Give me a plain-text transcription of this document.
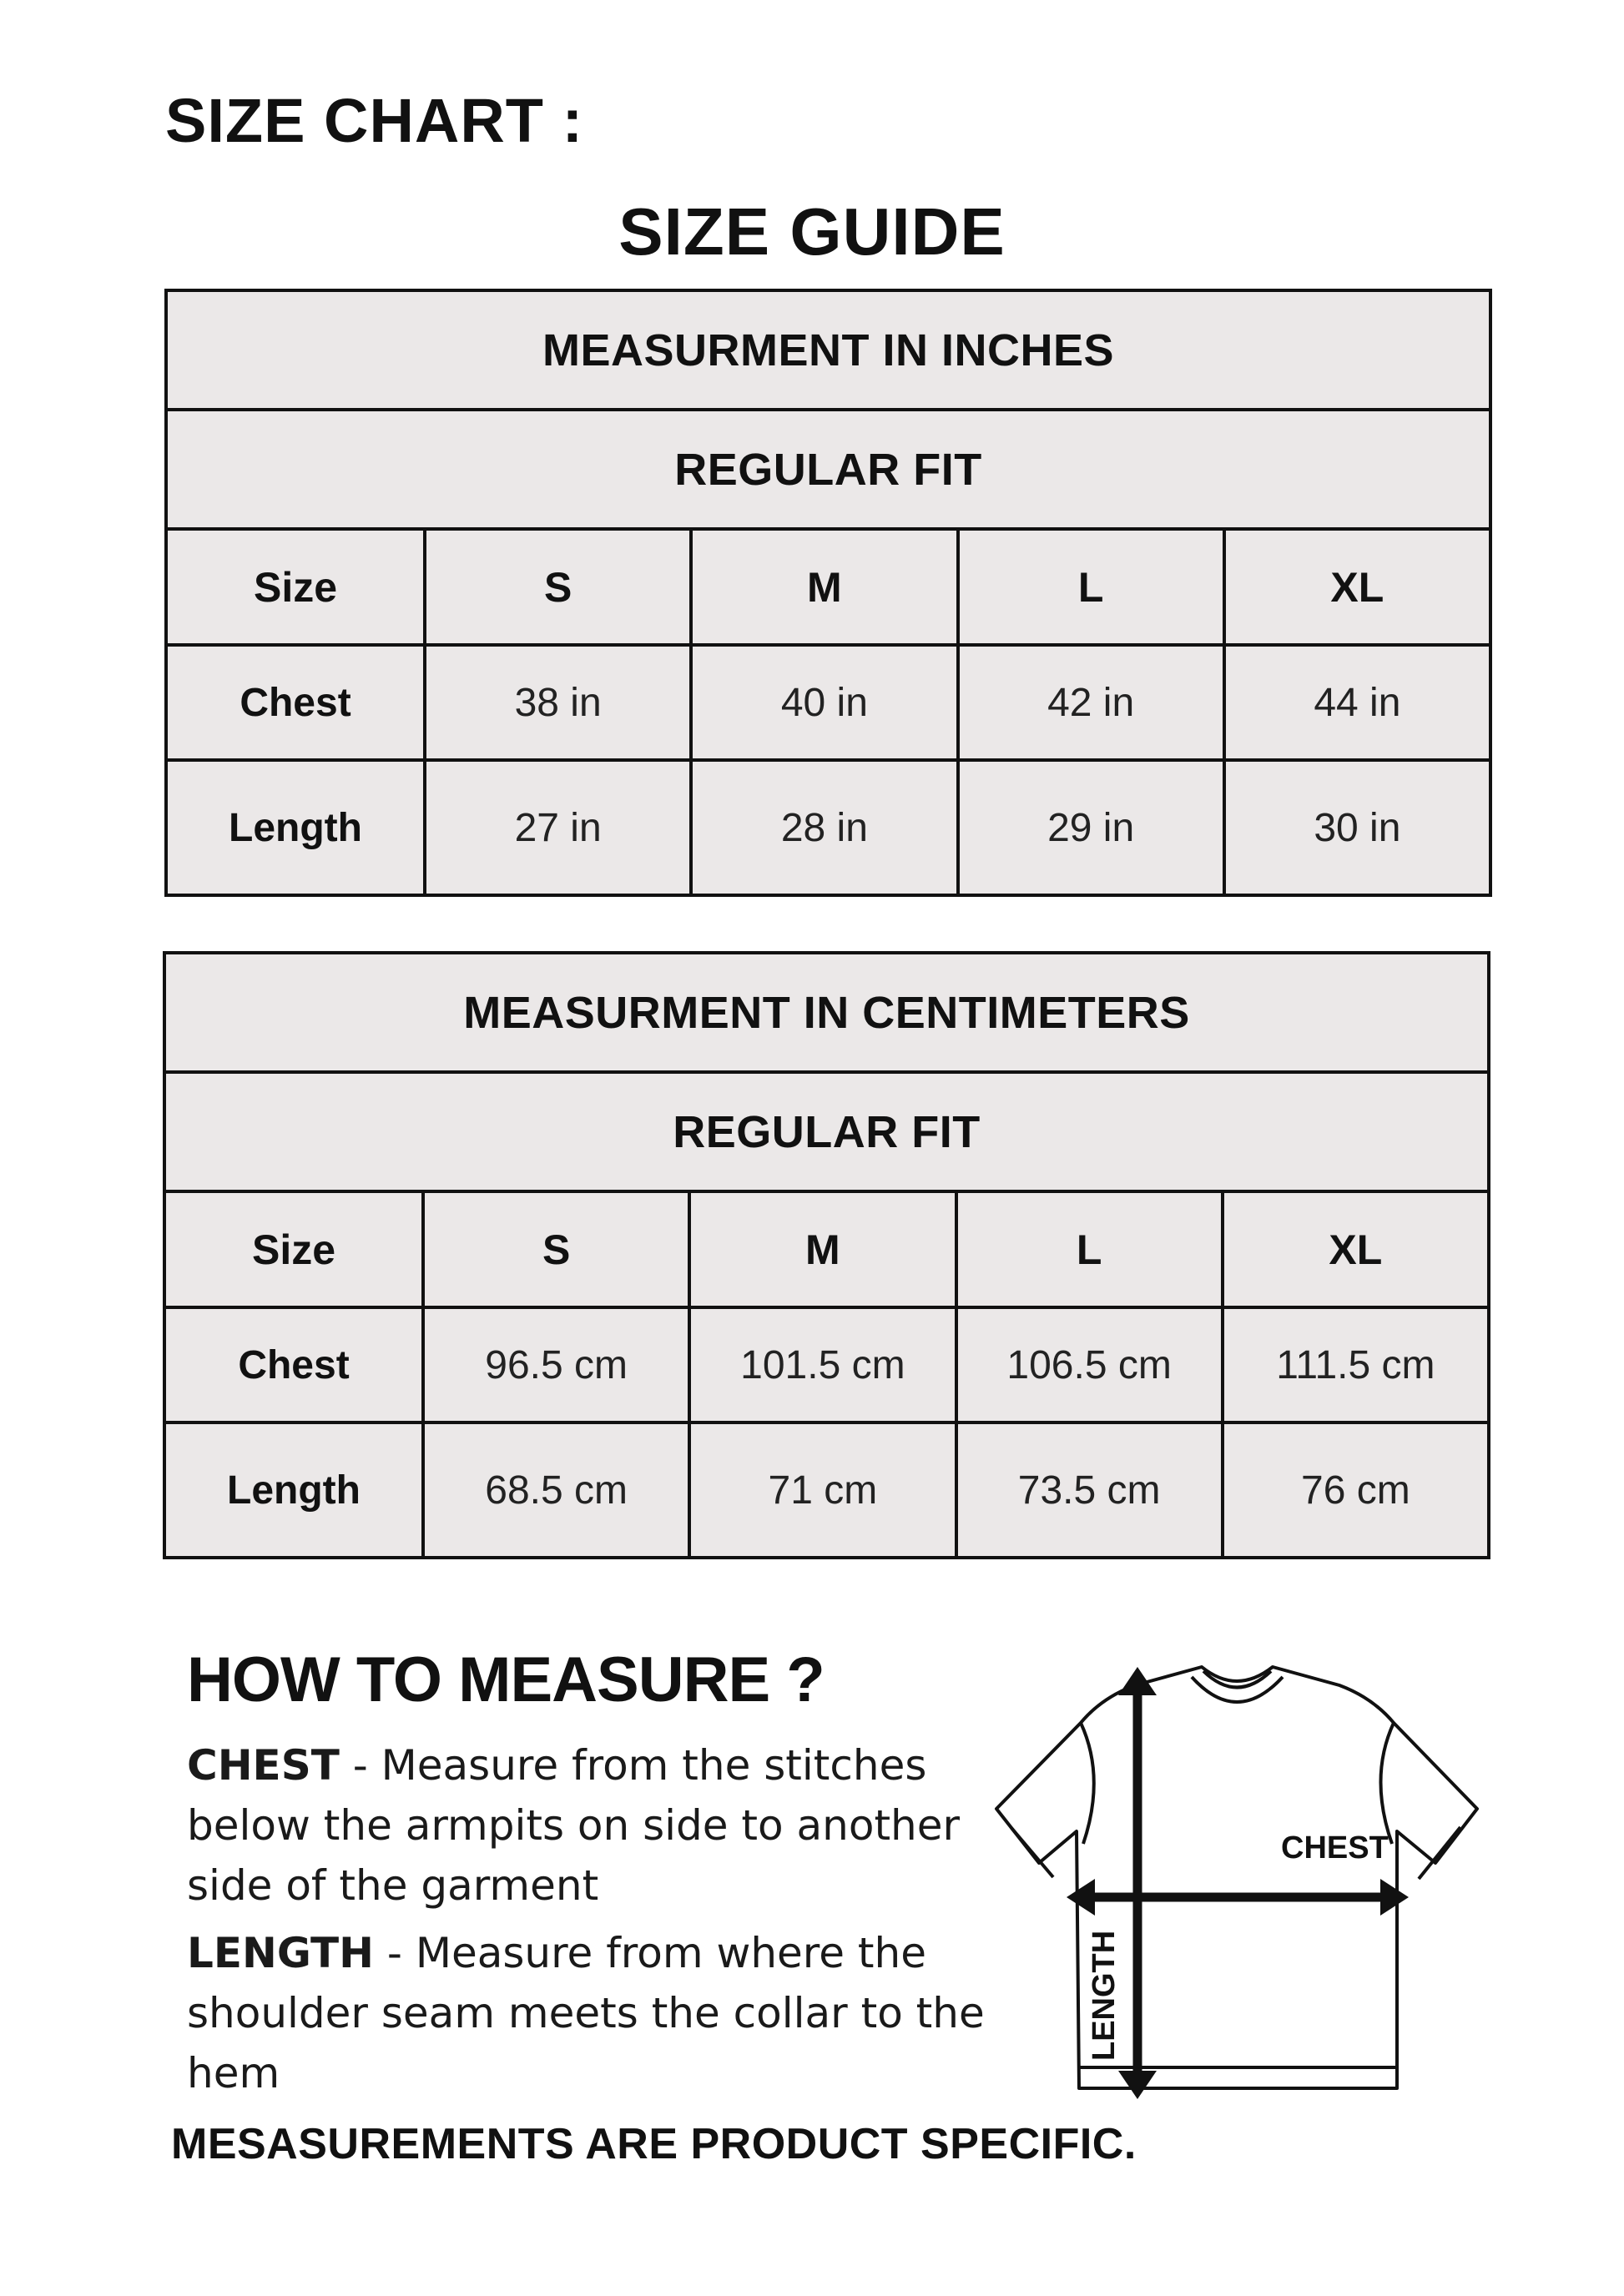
SIZE CHART :
SIZE GUIDE
MEASURMENT IN INCHES				
REGULAR FIT				
Size	S	M	L	XL
Chest	38 in	40 in	42 in	44 in
Length	27 in	28 in	29 in	30 in
MEASURMENT IN CENTIMETERS				
REGULAR FIT				
Size	S	M	L	XL
Chest	96.5 cm	101.5 cm	106.5 cm	111.5 cm
Length	68.5 cm	71 cm	73.5 cm	76 cm
HOW TO MEASURE ?
CHEST - Measure from the stitches below the armpits on side to another side of the garment
LENGTH - Measure from where the shoulder seam meets the collar to the hem
CHEST
LENGTH
MESASUREMENTS ARE PRODUCT SPECIFIC.
